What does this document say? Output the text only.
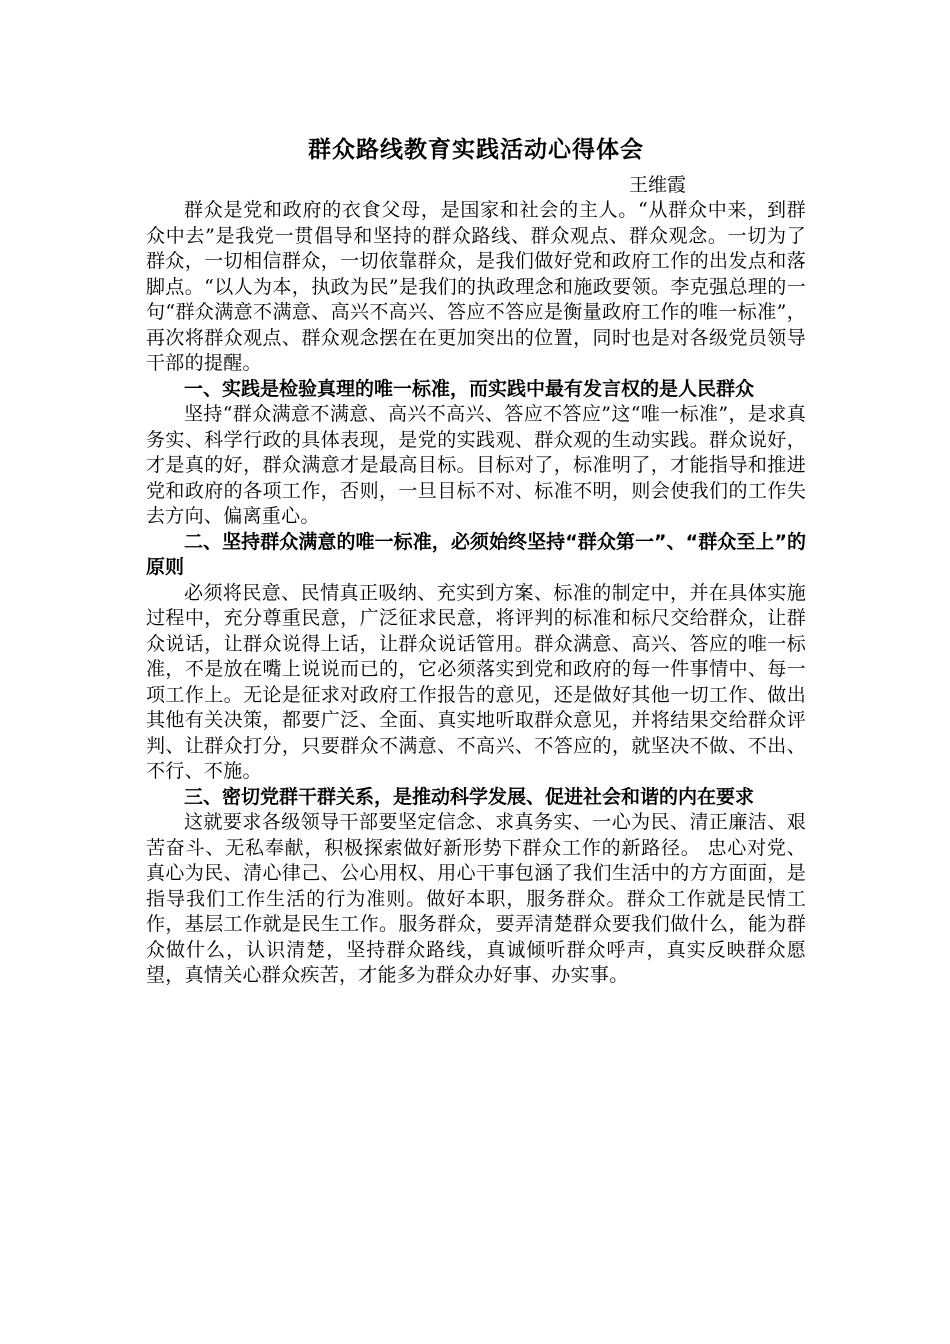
群众路线教育实践活动心得体会

王维霞

群众是党和政府的衣食父母，是国家和社会的主人。“从群众中来，到群众中去”是我党一贯倡导和坚持的群众路线、群众观点、群众观念。一切为了群众，一切相信群众，一切依靠群众，是我们做好党和政府工作的出发点和落脚点。“以人为本，执政为民”是我们的执政理念和施政要领。李克强总理的一句“群众满意不满意、高兴不高兴、答应不答应是衡量政府工作的唯一标准”，再次将群众观点、群众观念摆在在更加突出的位置，同时也是对各级党员领导干部的提醒。

一、实践是检验真理的唯一标准，而实践中最有发言权的是人民群众

坚持“群众满意不满意、高兴不高兴、答应不答应”这“唯一标准”，是求真务实、科学行政的具体表现，是党的实践观、群众观的生动实践。群众说好，才是真的好，群众满意才是最高目标。目标对了，标准明了，才能指导和推进党和政府的各项工作，否则，一旦目标不对、标准不明，则会使我们的工作失去方向、偏离重心。

二、坚持群众满意的唯一标准，必须始终坚持“群众第一”、“群众至上”的原则

必须将民意、民情真正吸纳、充实到方案、标准的制定中，并在具体实施过程中，充分尊重民意，广泛征求民意，将评判的标准和标尺交给群众，让群众说话，让群众说得上话，让群众说话管用。群众满意、高兴、答应的唯一标准，不是放在嘴上说说而已的，它必须落实到党和政府的每一件事情中、每一项工作上。无论是征求对政府工作报告的意见，还是做好其他一切工作、做出其他有关决策，都要广泛、全面、真实地听取群众意见，并将结果交给群众评判、让群众打分，只要群众不满意、不高兴、不答应的，就坚决不做、不出、不行、不施。

三、密切党群干群关系，是推动科学发展、促进社会和谐的内在要求

这就要求各级领导干部要坚定信念、求真务实、一心为民、清正廉洁、艰苦奋斗、无私奉献，积极探索做好新形势下群众工作的新路径。 忠心对党、真心为民、清心律己、公心用权、用心干事包涵了我们生活中的方方面面，是指导我们工作生活的行为准则。做好本职，服务群众。群众工作就是民情工作，基层工作就是民生工作。服务群众，要弄清楚群众要我们做什么，能为群众做什么，认识清楚，坚持群众路线，真诚倾听群众呼声，真实反映群众愿望，真情关心群众疾苦，才能多为群众办好事、办实事。
